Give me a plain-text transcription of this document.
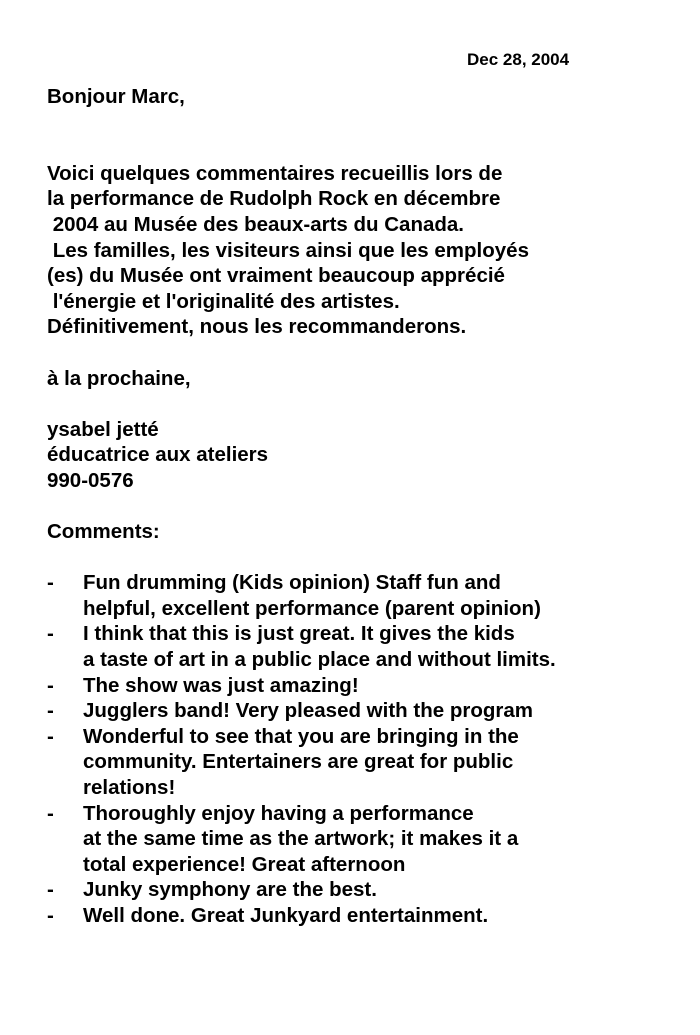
Dec 28, 2004
Bonjour Marc,
Voici quelques commentaires recueillis lors de
la performance de Rudolph Rock en décembre
2004 au Musée des beaux-arts du Canada.
Les familles, les visiteurs ainsi que les employés
(es) du Musée ont vraiment beaucoup apprécié
l'énergie et l'originalité des artistes.
Définitivement, nous les recommanderons.
à la prochaine,
ysabel jetté
éducatrice aux ateliers
990-0576
Comments:
- Fun drumming (Kids opinion) Staff fun and
helpful, excellent performance (parent opinion)
- I think that this is just great. It gives the kids
a taste of art in a public place and without limits.
- The show was just amazing!
- Jugglers band! Very pleased with the program
- Wonderful to see that you are bringing in the
community. Entertainers are great for public
relations!
- Thoroughly enjoy having a performance
at the same time as the artwork; it makes it a
total experience! Great afternoon
- Junky symphony are the best.
- Well done. Great Junkyard entertainment.
